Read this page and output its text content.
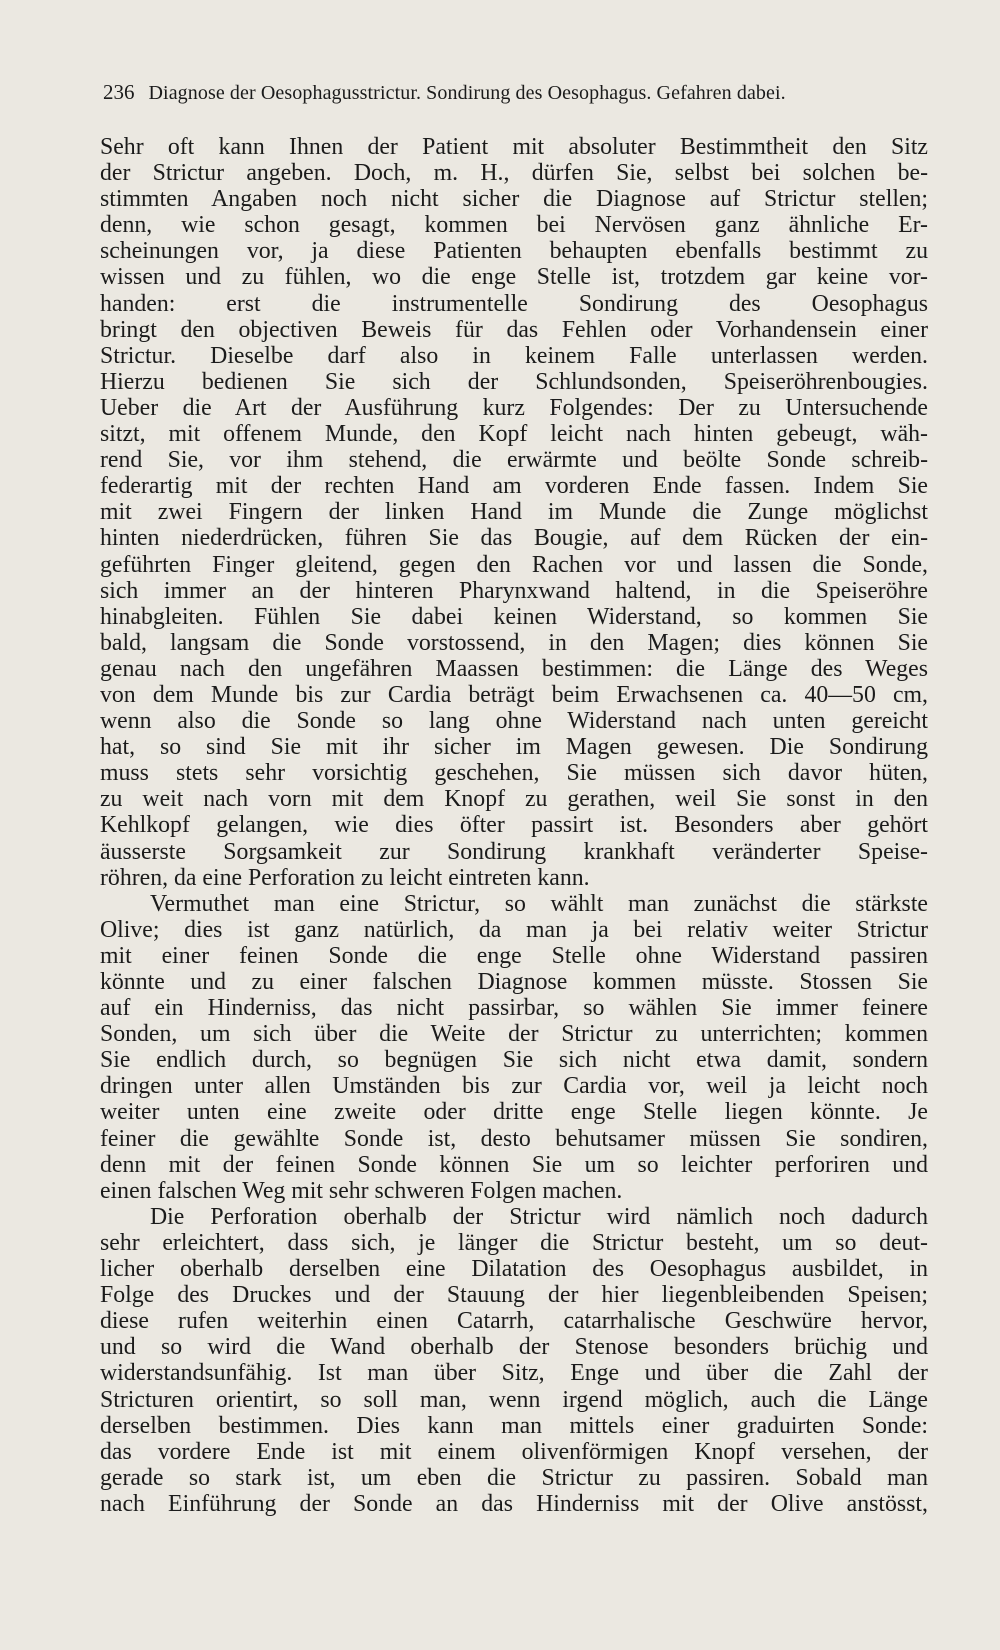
236 Diagnose der Oesophagusstrictur. Sondirung des Oesophagus. Gefahren dabei.
Sehr oft kann Ihnen der Patient mit absoluter Bestimmtheit den Sitz
der Strictur angeben. Doch, m. H., dürfen Sie, selbst bei solchen be-
stimmten Angaben noch nicht sicher die Diagnose auf Strictur stellen;
denn, wie schon gesagt, kommen bei Nervösen ganz ähnliche Er-
scheinungen vor, ja diese Patienten behaupten ebenfalls bestimmt zu
wissen und zu fühlen, wo die enge Stelle ist, trotzdem gar keine vor-
handen: erst die instrumentelle Sondirung des Oesophagus
bringt den objectiven Beweis für das Fehlen oder Vorhandensein einer
Strictur. Dieselbe darf also in keinem Falle unterlassen werden.
Hierzu bedienen Sie sich der Schlundsonden, Speiseröhrenbougies.
Ueber die Art der Ausführung kurz Folgendes: Der zu Untersuchende
sitzt, mit offenem Munde, den Kopf leicht nach hinten gebeugt, wäh-
rend Sie, vor ihm stehend, die erwärmte und beölte Sonde schreib-
federartig mit der rechten Hand am vorderen Ende fassen. Indem Sie
mit zwei Fingern der linken Hand im Munde die Zunge möglichst
hinten niederdrücken, führen Sie das Bougie, auf dem Rücken der ein-
geführten Finger gleitend, gegen den Rachen vor und lassen die Sonde,
sich immer an der hinteren Pharynxwand haltend, in die Speiseröhre
hinabgleiten. Fühlen Sie dabei keinen Widerstand, so kommen Sie
bald, langsam die Sonde vorstossend, in den Magen; dies können Sie
genau nach den ungefähren Maassen bestimmen: die Länge des Weges
von dem Munde bis zur Cardia beträgt beim Erwachsenen ca. 40—50 cm,
wenn also die Sonde so lang ohne Widerstand nach unten gereicht
hat, so sind Sie mit ihr sicher im Magen gewesen. Die Sondirung
muss stets sehr vorsichtig geschehen, Sie müssen sich davor hüten,
zu weit nach vorn mit dem Knopf zu gerathen, weil Sie sonst in den
Kehlkopf gelangen, wie dies öfter passirt ist. Besonders aber gehört
äusserste Sorgsamkeit zur Sondirung krankhaft veränderter Speise-
röhren, da eine Perforation zu leicht eintreten kann.
Vermuthet man eine Strictur, so wählt man zunächst die stärkste
Olive; dies ist ganz natürlich, da man ja bei relativ weiter Strictur
mit einer feinen Sonde die enge Stelle ohne Widerstand passiren
könnte und zu einer falschen Diagnose kommen müsste. Stossen Sie
auf ein Hinderniss, das nicht passirbar, so wählen Sie immer feinere
Sonden, um sich über die Weite der Strictur zu unterrichten; kommen
Sie endlich durch, so begnügen Sie sich nicht etwa damit, sondern
dringen unter allen Umständen bis zur Cardia vor, weil ja leicht noch
weiter unten eine zweite oder dritte enge Stelle liegen könnte. Je
feiner die gewählte Sonde ist, desto behutsamer müssen Sie sondiren,
denn mit der feinen Sonde können Sie um so leichter perforiren und
einen falschen Weg mit sehr schweren Folgen machen.
Die Perforation oberhalb der Strictur wird nämlich noch dadurch
sehr erleichtert, dass sich, je länger die Strictur besteht, um so deut-
licher oberhalb derselben eine Dilatation des Oesophagus ausbildet, in
Folge des Druckes und der Stauung der hier liegenbleibenden Speisen;
diese rufen weiterhin einen Catarrh, catarrhalische Geschwüre hervor,
und so wird die Wand oberhalb der Stenose besonders brüchig und
widerstandsunfähig. Ist man über Sitz, Enge und über die Zahl der
Stricturen orientirt, so soll man, wenn irgend möglich, auch die Länge
derselben bestimmen. Dies kann man mittels einer graduirten Sonde:
das vordere Ende ist mit einem olivenförmigen Knopf versehen, der
gerade so stark ist, um eben die Strictur zu passiren. Sobald man
nach Einführung der Sonde an das Hinderniss mit der Olive anstösst,
